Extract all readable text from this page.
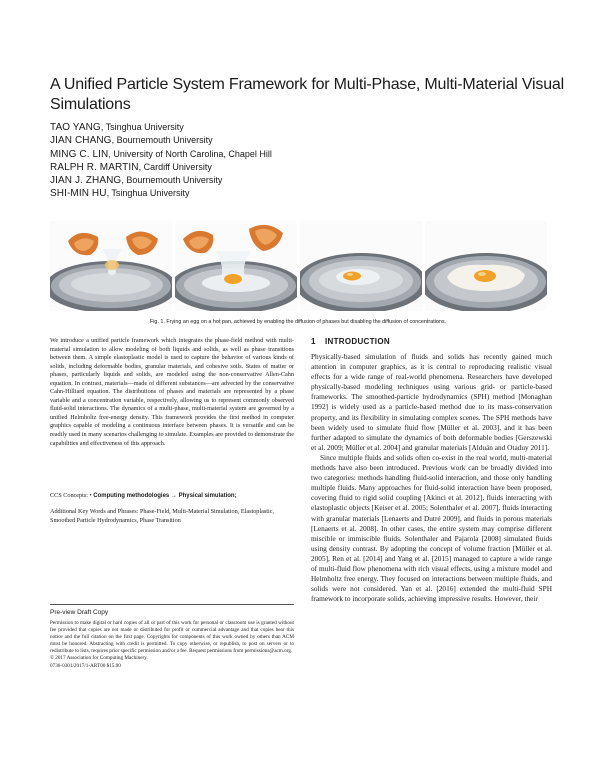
A Unified Particle System Framework for Multi-Phase, Multi-Material Visual Simulations
TAO YANG, Tsinghua University
JIAN CHANG, Bournemouth University
MING C. LIN, University of North Carolina, Chapel Hill
RALPH R. MARTIN, Cardiff University
JIAN J. ZHANG, Bournemouth University
SHI-MIN HU, Tsinghua University
Fig. 1. Frying an egg on a hot pan, achieved by enabling the diffusion of phases but disabling the diffusion of concentrations.

We introduce a unified particle framework which integrates the phase-field method with multi-material simulation to allow modeling of both liquids and solids, as well as phase transitions between them. A simple elastoplastic model is used to capture the behavior of various kinds of solids, including deformable bodies, granular materials, and cohesive soils. States of matter or phases, particularly liquids and solids, are modeled using the non-conservative Allen-Cahn equation. In contrast, materials—made of different substances—are advected by the conservative Cahn-Hilliard equation. The distributions of phases and materials are represented by a phase variable and a concentration variable, respectively, allowing us to represent commonly observed fluid-solid interactions. The dynamics of a multi-phase, multi-material system are governed by a unified Helmholtz free-energy density. This framework provides the first method in computer graphics capable of modeling a continuous interface between phases. It is versatile and can be readily used in many scenarios challenging to simulate. Examples are provided to demonstrate the capabilities and effectiveness of this approach.

CCS Concepts: • Computing methodologies → Physical simulation;

Additional Key Words and Phrases: Phase-Field, Multi-Material Simulation, Elastoplastic, Smoothed Particle Hydrodynamics, Phase Transition

Pre-view Draft Copy

Permission to make digital or hard copies of all or part of this work for personal or classroom use is granted without fee provided that copies are not made or distributed for profit or commercial advantage and that copies bear this notice and the full citation on the first page. Copyrights for components of this work owned by others than ACM must be honored. Abstracting with credit is permitted. To copy otherwise, or republish, to post on servers or to redistribute to lists, requires prior specific permission and/or a fee. Request permissions from permissions@acm.org.
© 2017 Association for Computing Machinery.
0730-0301/2017/1-ART00 $15.00
1 INTRODUCTION
Physically-based simulation of fluids and solids has recently gained much attention in computer graphics, as it is central to reproducing realistic visual effects for a wide range of real-world phenomena. Researchers have developed physically-based modeling techniques using various grid- or particle-based frameworks. The smoothed-particle hydrodynamics (SPH) method [Monaghan 1992] is widely used as a particle-based method due to its mass-conservation property, and its flexibility in simulating complex scenes. The SPH methods have been widely used to simulate fluid flow [Müller et al. 2003], and it has been further adapted to simulate the dynamics of both deformable bodies [Gerszewski et al. 2009; Müller et al. 2004] and granular materials [Alduán and Otaduy 2011].
Since multiple fluids and solids often co-exist in the real world, multi-material methods have also been introduced. Previous work can be broadly divided into two categories: methods handling fluid-solid interaction, and those only handling multiple fluids. Many approaches for fluid-solid interaction have been proposed, covering fluid to rigid solid coupling [Akinci et al. 2012], fluids interacting with elastoplastic objects [Keiser et al. 2005; Solenthaler et al. 2007], fluids interacting with granular materials [Lenaerts and Dutré 2009], and fluids in porous materials [Lenaerts et al. 2008]. In other cases, the entire system may comprise different miscible or immiscible fluids. Solenthaler and Pajarola [2008] simulated fluids using density contrast. By adopting the concept of volume fraction [Müller et al. 2005], Ren et al. [2014] and Yang et al. [2015] managed to capture a wide range of multi-fluid flow phenomena with rich visual effects, using a mixture model and Helmholtz free energy. They focused on interactions between multiple fluids, and solids were not considered. Yan et al. [2016] extended the multi-fluid SPH framework to incorporate solids, achieving impressive results. However, their
